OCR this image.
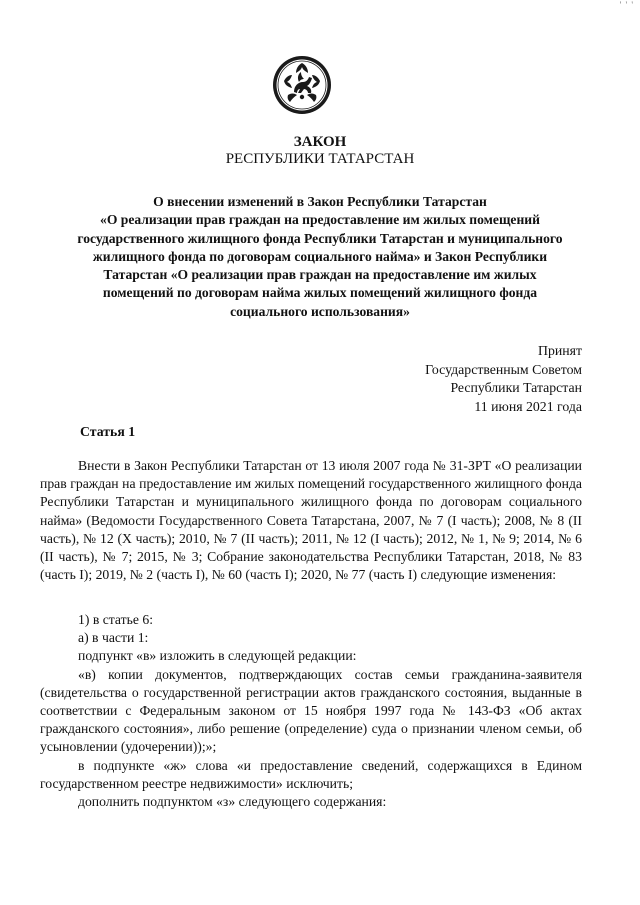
' ' '
ЗАКОН
РЕСПУБЛИКИ ТАТАРСТАН
О внесении изменений в Закон Республики Татарстан
«О реализации прав граждан на предоставление им жилых помещений
государственного жилищного фонда Республики Татарстан и муниципального
жилищного фонда по договорам социального найма» и Закон Республики
Татарстан «О реализации прав граждан на предоставление им жилых
помещений по договорам найма жилых помещений жилищного фонда
социального использования»
Принят
Государственным Советом
Республики Татарстан
11 июня 2021 года
Статья 1

Внести в Закон Республики Татарстан от 13 июля 2007 года № 31-ЗРТ «О реализации прав граждан на предоставление им жилых помещений государственного жилищного фонда Республики Татарстан и муниципального жилищного фонда по договорам социального найма» (Ведомости Государственного Совета Татарстана, 2007, № 7 (I часть); 2008, № 8 (II часть), № 12 (X часть); 2010, № 7 (II часть); 2011, № 12 (I часть); 2012, № 1, № 9; 2014, № 6 (II часть), № 7; 2015, № 3; Собрание законодательства Республики Татарстан, 2018, № 83 (часть I); 2019, № 2 (часть I), № 60 (часть I); 2020, № 77 (часть I) следующие изменения:

1) в статье 6:

а) в части 1:

подпункт «в» изложить в следующей редакции:

«в) копии документов, подтверждающих состав семьи гражданина-заявителя (свидетельства о государственной регистрации актов гражданского состояния, выданные в соответствии с Федеральным законом от 15 ноября 1997 года № 143-ФЗ «Об актах гражданского состояния», либо решение (определение) суда о признании членом семьи, об усыновлении (удочерении));»;

в подпункте «ж» слова «и предоставление сведений, содержащихся в Едином государственном реестре недвижимости» исключить;

дополнить подпунктом «з» следующего содержания:
